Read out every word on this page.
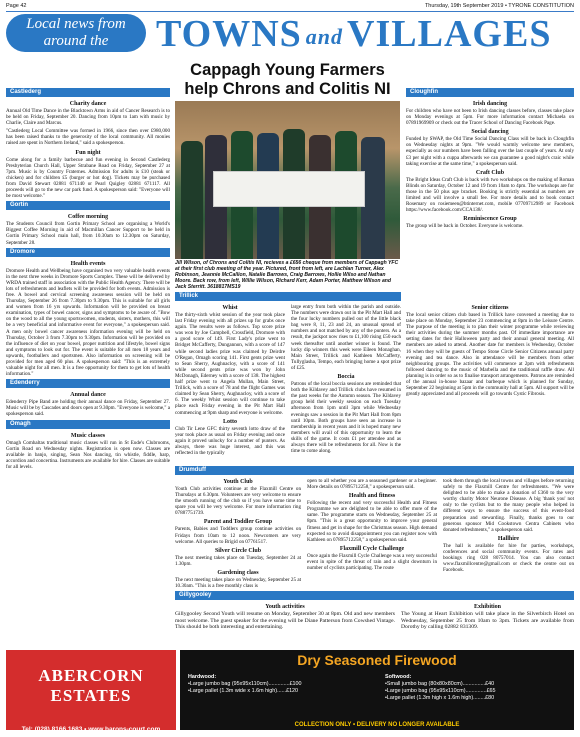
Page 42	Thursday, 19th September 2019 • TYRONE CONSTITUTION
Local news from
around the	TOWNS and VILLAGES
Castlederg
Charity dance

Annual Old Time Dance in the Blacktown Arms in aid of Cancer Research is to be held on Friday, September 20. Dancing from 10pm to 1am with music by Charlie, Claire and Marcus.

"Castlederg Local Committee was formed in 1966, since then over £980,000 has been raised thanks to the generosity of the local community. All monies raised are spent in Northern Ireland," said a spokesperson.

Fun night

Come along for a family barbecue and fun evening in Second Castlederg Presbyterian Church Hall, Upper Strabane Road on Friday, September 27 at 7pm. Music is by Country Fraternes. Admission for adults is £10 (steak or chicken) and for children £5 (burger or hot dog). Tickets may be purchased from David Stewart 02881 671140 or Pearl Quigley 02881 671117. All proceeds will go to the new car park fund. A spokesperson said: "Everyone will be most welcome."

Gortin
Coffee morning

The Students Council from Gortin Primary School are organising a World's Biggest Coffee Morning in aid of Macmillan Cancer Support to be held in Gortin Primary School main hall, from 10.30am to 12.30pm on Saturday, September 28.

Dromore
Health events

Dromore Health and Wellbeing have organised two very valuable health events in the next three weeks in Dromore Sports Complex. These will be delivered by WRDA trained staff in association with the Public Health Agency. There will be lots of refreshments and leaflets will be provided for both events. Admission is free. A bowel and cervical screening awareness session will be held on Thursday, September 26 from 7.30pm to 9.30pm. This is suitable for all girls and women from 16 yrs upwards. Information will be provided on breast examination, types of bowel cancer, signs and symptoms to be aware of. "Bow on the wood to all the young sportswomen, students, sisters, mothers, this will be a very beneficial and informative event for everyone," a spokesperson said. A men only bowel cancer awareness information evening will be held on Thursday, October 3 from 7.30pm to 9.30pm. Information will be provided on the influence of diet on your bowel, proper nutrition and lifestyle, bowel signs and symptoms to look out for. The event is suitable for all men 18 years and upwards, footballers and sportsmen. Also information on screening will be provided for men aged 60 plus. A spokesperson said: "This is an extremely valuable night for all men. It is a free opportunity for them to get lots of health information."

Edenderry
Annual dance

Edenderry Pipe Band are holding their annual dance on Friday, September 27. Music will be by Cascades and doors open at 9.30pm. "Everyone is welcome," a spokesperson said.

Omagh
Music classes

Omagh Comhaltas traditional music classes will run in St Eude's Clubrooms, Gortin Road on Wednesday nights. Registration is open now. Classes are available in banjo, singing, Sean Nos dancing, tin whistle, fiddle, harp, accordion and concertina. Instruments are available for hire. Classes are suitable for all levels.

Cappagh Young Farmers help Chrons and Colitis NI
Jill Wilson, of Chrons and Colitis NI, recieves a £656 cheque from members of Cappagh YFC at their first club meeting of the year. Pictured, front from left, are Lachlan Turner, Alex Robinson, Jeannie McCallion, Natalie Barrows, Craig Barrows, Hollie Wilso and Nathan Moore. Back row, from left, Willie Wilson, Richard Kerr, Adam Porter, Matthew Wilson and Jack Sterritt. 3618817MS19
Cloughfin
Irish dancing

For children who have not been to Irish dancing classes before, classes take place on Monday evenings at 5pm. For more information contact Michaela on 07891969909 or check out the Tracer School of Dancing Facebook Page.

Social dancing

Funded by SWAP, the Old Time Social Dancing Class will be back in Cloughfin on Wednesday nights at 9pm. "We would warmly welcome new members, especially as our numbers have been falling over the last couple of years. At only £3 per night with a cuppa afterwards we can guarantee a good night's craic while taking exercise at the same time," a spokesperson said.

Craft Club

The Bright Ideas Craft Club is back with two workshops on the making of Roman Blinds on Saturday, October 12 and 19 from 10am to 4pm. The workshops are for those in the 50 plus age bracket. Booking is strictly essential as numbers are limited and will involve a small fee. For more details and to book contact Rosemary on rosiemeen@btinternet.com, mobile 07709712989 or Facebook https://www.facebook.com/CCA138/.

Reminiscence Group

The group will be back in October. Everyone is welcome.

Trillick
Whist

The thirty-sixth whist session of the year took place last Friday evening with all prizes up for grabs once again. The results were as follows. Top score prize was won by Joe Campbell, Crossfield, Dromore with a good score of 149. First Lady's prize went to Bridget McCafferty, Dungannon, with a score of 147 while second ladies prize was claimed by Deirdre O'Regan, Omagh scoring 141. First gents prize went to Sean Sherry, Aughnacloy, with a score of 141 while second gents prize was won by John McDonagh, Ederney with a score of 138. The highest half prize went to Angela Mullan, Main Street, Trillick, with a score of 78 and the flight Games was claimed by Sean Sherry, Aughnacloy, with a score of 6. The weekly Whist session will continue to take place each Friday evening in the Pit Mart Hall commencing at 9pm sharp and everyone is welcome.

Lotto

Club Tir Lene GFC thirty seventh lotto draw of the year took place as usual on Friday evening and once again it proved unlucky for a number of punters. As always, there was huge interest, and this was reflected in the typically

large entry from both within the parish and outside. The numbers were drawn out in the Pit Mart Hall and the four lucky numbers pulled out of the little black bag were 8, 11, 23 and 24, an unusual spread of numbers and not matched by any of the punters. As a result, the jackpot now rises to £1,100 rising £50 each week thereafter until another winner is found. The lucky dip winners this week were Eileen Monaghan, Main Street, Trillick and Kathleen McCafferty, Tullyglasha, Tempo, each bringing home a spot prize of £25.

Boccia

Patrons of the local boccia sessions are reminded that both the Kildavey and Trillick clubs have resumed in the past weeks for the Autumn season. The Kildavey group held their weekly session on each Tuesday afternoon from 1pm until 3pm while Wednesday evenings saw a session in the Pit Mart Hall from 8pm until 10pm. Both groups have seen an increase in membership in recent years and it is hoped many new members will avail of this opportunity to learn the skills of the game. It costs £1 per attendee and as always there will be refreshments for all. Now is the time to come along.

Senior citizens

The local senior citizen club based in Trillick have convened a meeting due to take place on Monday, September 23 commencing at 8pm in the Leisure Centre. The purpose of the meeting is to plan their winter programme while reviewing their activities during the summer months past. Of immediate importance are setting dates for their Halloween party and their annual general meeting. All members are asked to attend. Another date for members is Wednesday, October 16 when they will be guests of Tempo Stone Circle Senior Citizens annual party evening and tea dance. Also in attendance will be members from other neighbouring groups. The activities will commence at 2pm with refreshments followed dancing to the music of Marbella and the traditional raffle draw. All planning is in order so as to finalise transport arrangements. Patrons are reminded of the annual in-house bazaar and barbeque which is planned for Sunday, September 22 beginning at 5pm in the community hall at 5pm. All support will be greatly appreciated and all proceeds will go towards Cystic Fibrosis.

Drumduff
Youth Club

Youth Club activities continue at the Flaxmill Centre on Thursdays at 6.30pm. Volunteers are very welcome to ensure the smooth running of the club so if you have some time to spare you will be very welcome. For more information ring 07887751739.

Parent and Toddler Group

Parents, Babies and Toddlers group continue activities on Fridays from 10am to 12 noon. Newcomers are very welcome. All queries to Brigid on 07761517.

Silver Circle Club

The next meeting takes place on Tuesday, September 24 at 1.30pm.

Gardening class

The next meeting takes place on Wednesday, September 25 at 10.30am. "This is a free monthly class is

open to all whether you are a seasoned gardener or a beginner. More details on 07895712258," a spokesperson said.

Health and fitness

Following the recent and very successful Health and Fitness Programme we are delighted to be able to offer more of the same. The programme starts on Wednesday, September 25 at 8pm. "This is a great opportunity to improve your general fitness and get in shape for the Christmas season. High demand expected so to avoid disappointment you can register now with Kathleen on 07895712258," a spokesperson said.

Flaxmill Cycle Challenge

Once again the Flaxmill Cycle Challenge was a very successful event in spite of the threat of rain and a slight downturn in number of cyclists participating. The route

took them through the local towns and villages before returning safely to the Flaxmill Centre for refreshments. "We were delighted to be able to make a donation of £360 to the very worthy charity Motor Neurone Disease. A big 'thank you' not only to the cyclists but to the many people who helped in different ways to ensure the success of this event-food preparation and stewarding. Finally, thanks goes to our generous sponsor Mid Cookstown Centra Cabinets who donated refreshments," a spokesperson said.

Hallhire

The hall is available for hire for parties, workshops, conferences and social community events. For rates and bookings ring 028 80757014. You can also contact www.flaxmillcentre@gmail.com or check the centre out on Facebook.

Gillygooley
Youth activities

Gillygooley Second Youth will resume on Monday, September 30 at 8pm. Old and new members most welcome. The guest speaker for the evening will be Diane Patterson from Cowshed Vintage. This should be both interesting and entertaining.

Exhibition

The Young at Heart Exhibition will take place in the Silverbirch Hotel on Wednesday, September 25 from 10am to 3pm. Tickets are available from Dorothy by calling 02882 831309.

ABERCORN ESTATES
Tel: (028) 8166 1683 • www.barons-court.com
Dry Seasoned Firewood
Hardwood:
•Large jumbo bag (95x95x110cm)..............£100
•Large pallet (1.3m wide x 1.6m high)......£120
Softwood:
•Small jumbo bag (80x80x80cm)...............£40
•Large jumbo bag (95x95x110cm)..............£65
•Large pallet (1.3m high x 1.6m high)........£80
COLLECTION ONLY • DELIVERY NO LONGER AVAILABLE
